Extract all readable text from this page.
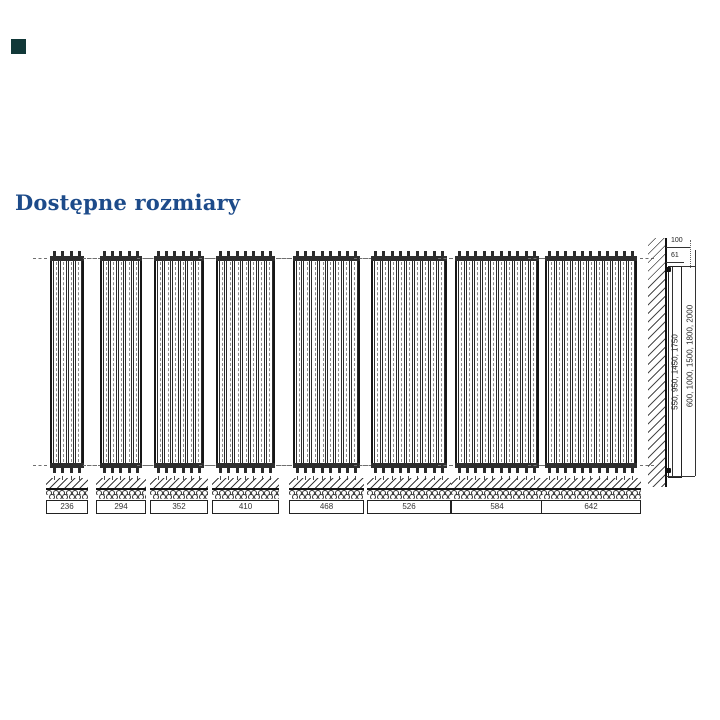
Dostępne rozmiary
236	294	352	410	468	526	584	642
100
61
550, 950, 1450, 1750 600, 1000, 1500, 1800, 2000
